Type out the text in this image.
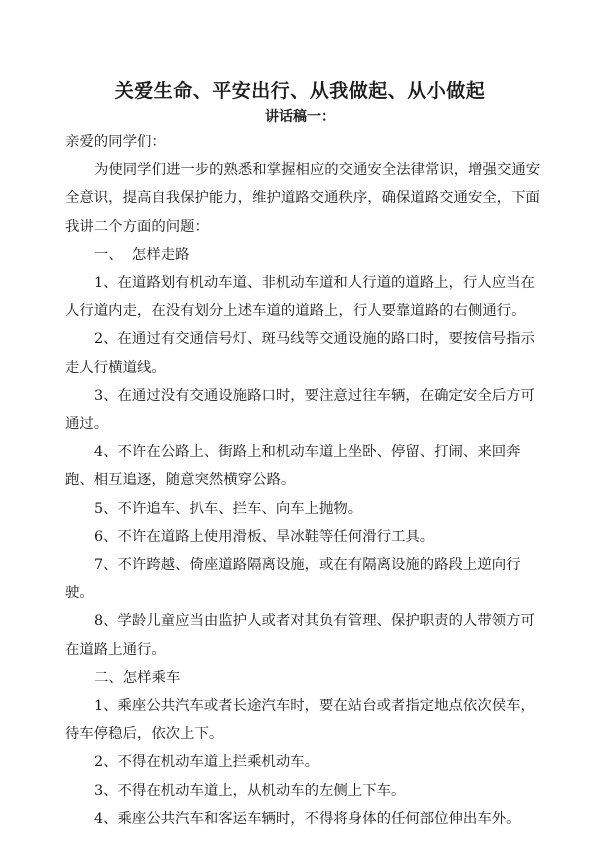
关爱生命、平安出行、从我做起、从小做起
讲话稿一：

亲爱的同学们：

为使同学们进一步的熟悉和掌握相应的交通安全法律常识，增强交通安全意识，提高自我保护能力，维护道路交通秩序，确保道路交通安全，下面我讲二个方面的问题：

一、  怎样走路

1、在道路划有机动车道、非机动车道和人行道的道路上，行人应当在人行道内走，在没有划分上述车道的道路上，行人要靠道路的右侧通行。

2、在通过有交通信号灯、斑马线等交通设施的路口时，要按信号指示走人行横道线。

3、在通过没有交通设施路口时，要注意过往车辆，在确定安全后方可通过。

4、不许在公路上、街路上和机动车道上坐卧、停留、打闹、来回奔跑、相互追逐，随意突然横穿公路。

5、不许追车、扒车、拦车、向车上抛物。

6、不许在道路上使用滑板、旱冰鞋等任何滑行工具。

7、不许跨越、倚座道路隔离设施，或在有隔离设施的路段上逆向行驶。

8、学龄儿童应当由监护人或者对其负有管理、保护职责的人带领方可在道路上通行。

二、怎样乘车

1、乘座公共汽车或者长途汽车时，要在站台或者指定地点依次侯车，待车停稳后，依次上下。

2、不得在机动车道上拦乘机动车。

3、不得在机动车道上，从机动车的左侧上下车。

4、乘座公共汽车和客运车辆时，不得将身体的任何部位伸出车外。
